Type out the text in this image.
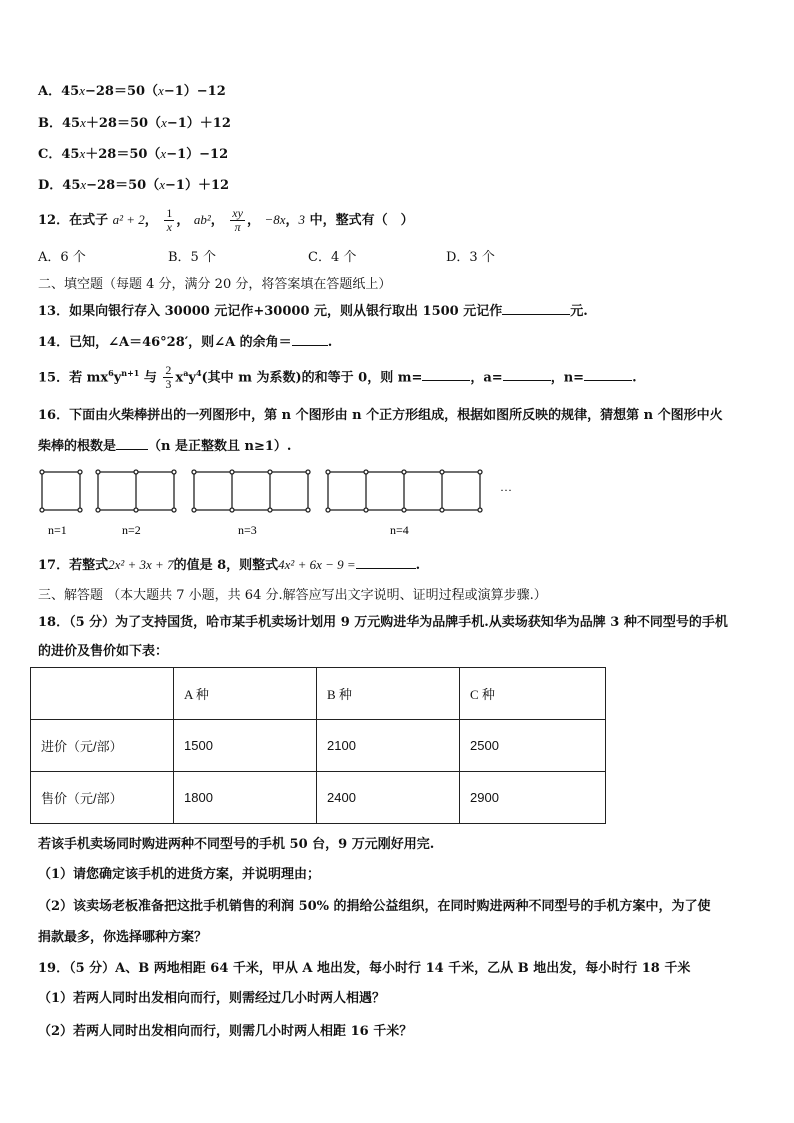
A．45x−28＝50（x−1）−12
B．45x＋28＝50（x−1）＋12
C．45x＋28＝50（x−1）−12
D．45x−28＝50（x−1）＋12
12．在式子 a² + 2， $\frac{1}{x}$ ， ab²， $\frac{xy}{\pi}$ ， −8x，3 中，整式有（　）
A．6 个	B．5 个	C．4 个	D．3 个
二、填空题（每题 4 分，满分 20 分，将答案填在答题纸上）
13．如果向银行存入 30000 元记作+30000 元，则从银行取出 1500 元记作	元.
14．已知，∠A＝46°28′，则∠A 的余角＝	.
15．若 $mx^6y^{n+1}$ 与 $\frac{2}{3} x^ay^4$(其中 m 为系数)的和等于 0，则 m=	，a=	，n=	.
16．下面由火柴棒拼出的一列图形中，第 n 个图形由 n 个正方形组成，根据如图所反映的规律，猜想第 n 个图形中火
柴棒的根数是 （n 是正整数且 n≥1）.
n=1	n=2	n=3	n=4
···
17．若整式2x² + 3x + 7的值是 8，则整式4x² + 6x − 9 =	.
三、解答题 （本大题共 7 小题，共 64 分.解答应写出文字说明、证明过程或演算步骤.）
18．（5 分）为了支持国货，哈市某手机卖场计划用 9 万元购进华为品牌手机.从卖场获知华为品牌 3 种不同型号的手机
的进价及售价如下表：
	A 种	B 种	C 种
进价（元/部）	1500	2100	2500
售价（元/部）	1800	2400	2900
若该手机卖场同时购进两种不同型号的手机 50 台，9 万元刚好用完.
（1）请您确定该手机的进货方案，并说明理由；
（2）该卖场老板准备把这批手机销售的利润 50% 的捐给公益组织，在同时购进两种不同型号的手机方案中，为了使
捐款最多，你选择哪种方案？
19．（5 分）A、B 两地相距 64 千米，甲从 A 地出发，每小时行 14 千米，乙从 B 地出发，每小时行 18 千米
（1）若两人同时出发相向而行，则需经过几小时两人相遇？
（2）若两人同时出发相向而行，则需几小时两人相距 16 千米？
